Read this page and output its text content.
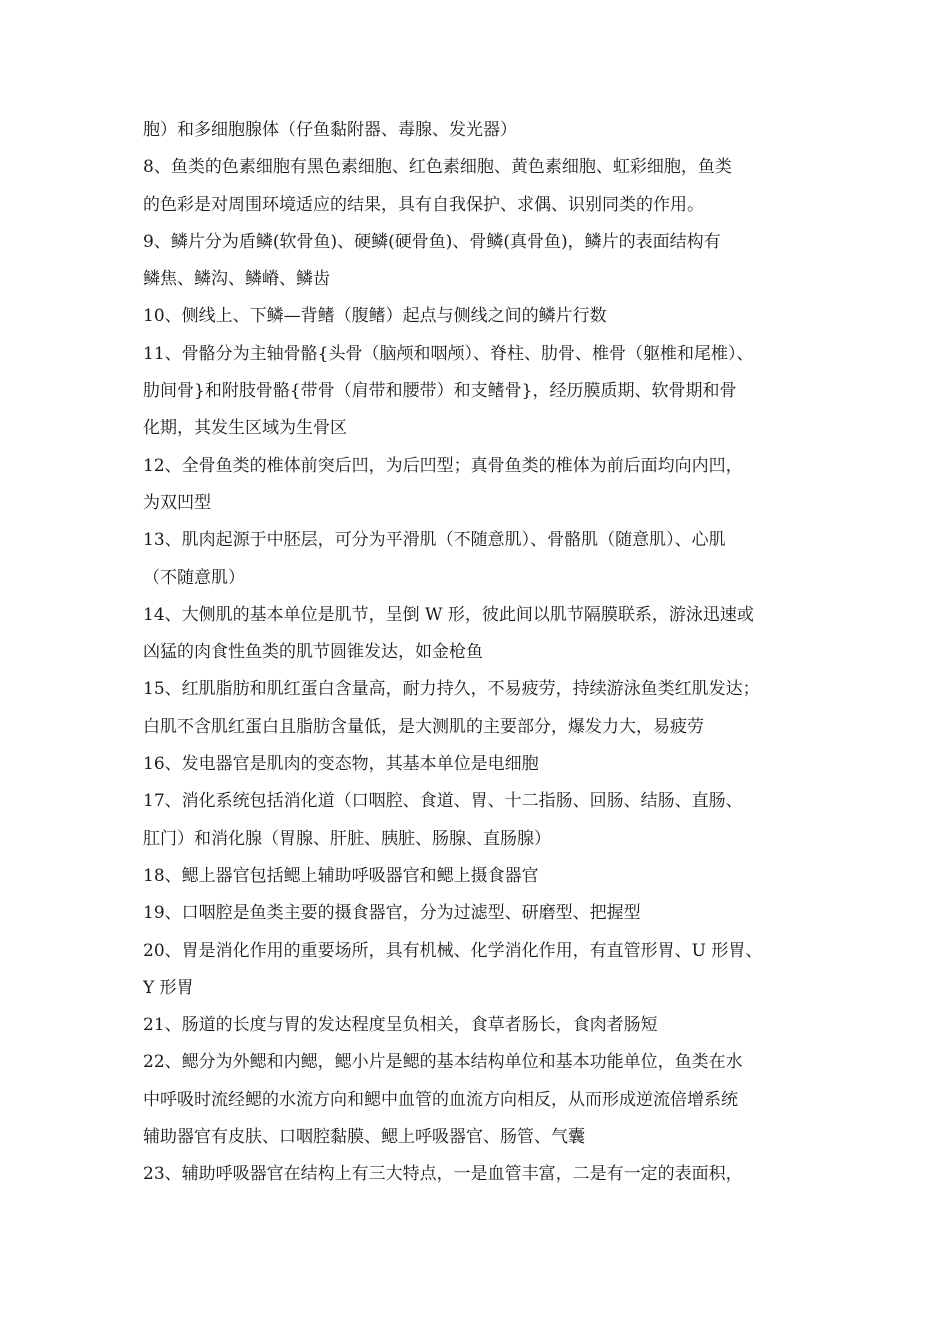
胞）和多细胞腺体（仔鱼黏附器、毒腺、发光器）
8、鱼类的色素细胞有黑色素细胞、红色素细胞、黄色素细胞、虹彩细胞，鱼类
的色彩是对周围环境适应的结果，具有自我保护、求偶、识别同类的作用。
9、鳞片分为盾鳞(软骨鱼)、硬鳞(硬骨鱼)、骨鳞(真骨鱼)，鳞片的表面结构有
鳞焦、鳞沟、鳞嵴、鳞齿
10、侧线上、下鳞—背鳍（腹鳍）起点与侧线之间的鳞片行数
11、骨骼分为主轴骨骼{头骨（脑颅和咽颅）、脊柱、肋骨、椎骨（躯椎和尾椎）、
肋间骨}和附肢骨骼{带骨（肩带和腰带）和支鳍骨}，经历膜质期、软骨期和骨
化期，其发生区域为生骨区
12、全骨鱼类的椎体前突后凹，为后凹型；真骨鱼类的椎体为前后面均向内凹，
为双凹型
13、肌肉起源于中胚层，可分为平滑肌（不随意肌）、骨骼肌（随意肌）、心肌
（不随意肌）
14、大侧肌的基本单位是肌节，呈倒 W 形，彼此间以肌节隔膜联系，游泳迅速或
凶猛的肉食性鱼类的肌节圆锥发达，如金枪鱼
15、红肌脂肪和肌红蛋白含量高，耐力持久，不易疲劳，持续游泳鱼类红肌发达；
白肌不含肌红蛋白且脂肪含量低，是大测肌的主要部分，爆发力大，易疲劳
16、发电器官是肌肉的变态物，其基本单位是电细胞
17、消化系统包括消化道（口咽腔、食道、胃、十二指肠、回肠、结肠、直肠、
肛门）和消化腺（胃腺、肝脏、胰脏、肠腺、直肠腺）
18、鳃上器官包括鳃上辅助呼吸器官和鳃上摄食器官
19、口咽腔是鱼类主要的摄食器官，分为过滤型、研磨型、把握型
20、胃是消化作用的重要场所，具有机械、化学消化作用，有直管形胃、U 形胃、
Y 形胃
21、肠道的长度与胃的发达程度呈负相关，食草者肠长，食肉者肠短
22、鳃分为外鳃和内鳃，鳃小片是鳃的基本结构单位和基本功能单位，鱼类在水
中呼吸时流经鳃的水流方向和鳃中血管的血流方向相反，从而形成逆流倍增系统
辅助器官有皮肤、口咽腔黏膜、鳃上呼吸器官、肠管、气囊
23、辅助呼吸器官在结构上有三大特点，一是血管丰富，二是有一定的表面积，
